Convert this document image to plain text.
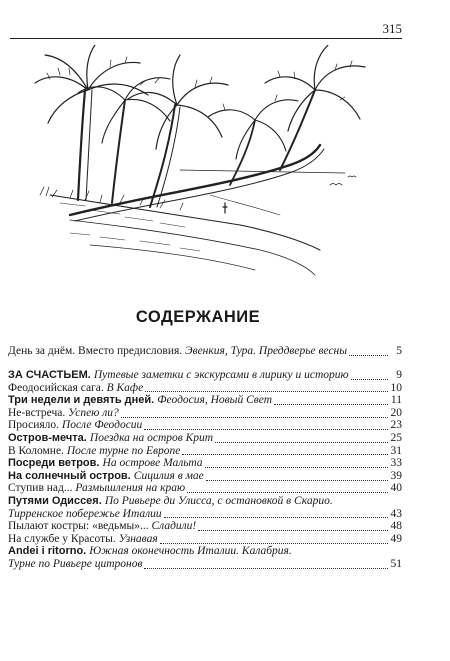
315
СОДЕРЖАНИЕ
День за днём. Вместо предисловия. Эвенкия, Тура. Преддверье весны	5
ЗА СЧАСТЬЕМ. Путевые заметки с экскурсами в лирику и историю	9
Феодосийская сага. В Кафе	10
Три недели и девять дней. Феодосия, Новый Свет	11
Не-встреча. Успею ли?	20
Просияло. После Феодосии	23
Остров-мечта. Поездка на остров Крит	25
В Коломне. После турне по Европе	31
Посреди ветров. На острове Мальта	33
На солнечный остров. Сицилия в мае	39
Ступив над... Размышления на краю	40
Путями Одиссея. По Ривьере ди Улисса, с остановкой в Скарио.
Тирренское побережье Италии	43
Пылают костры: «ведьмы»... Сладили!	48
На службе у Красоты. Узнавая	49
Andei i ritorno. Южная оконечность Италии. Калабрия.
Турне по Ривьере цитронов	51
